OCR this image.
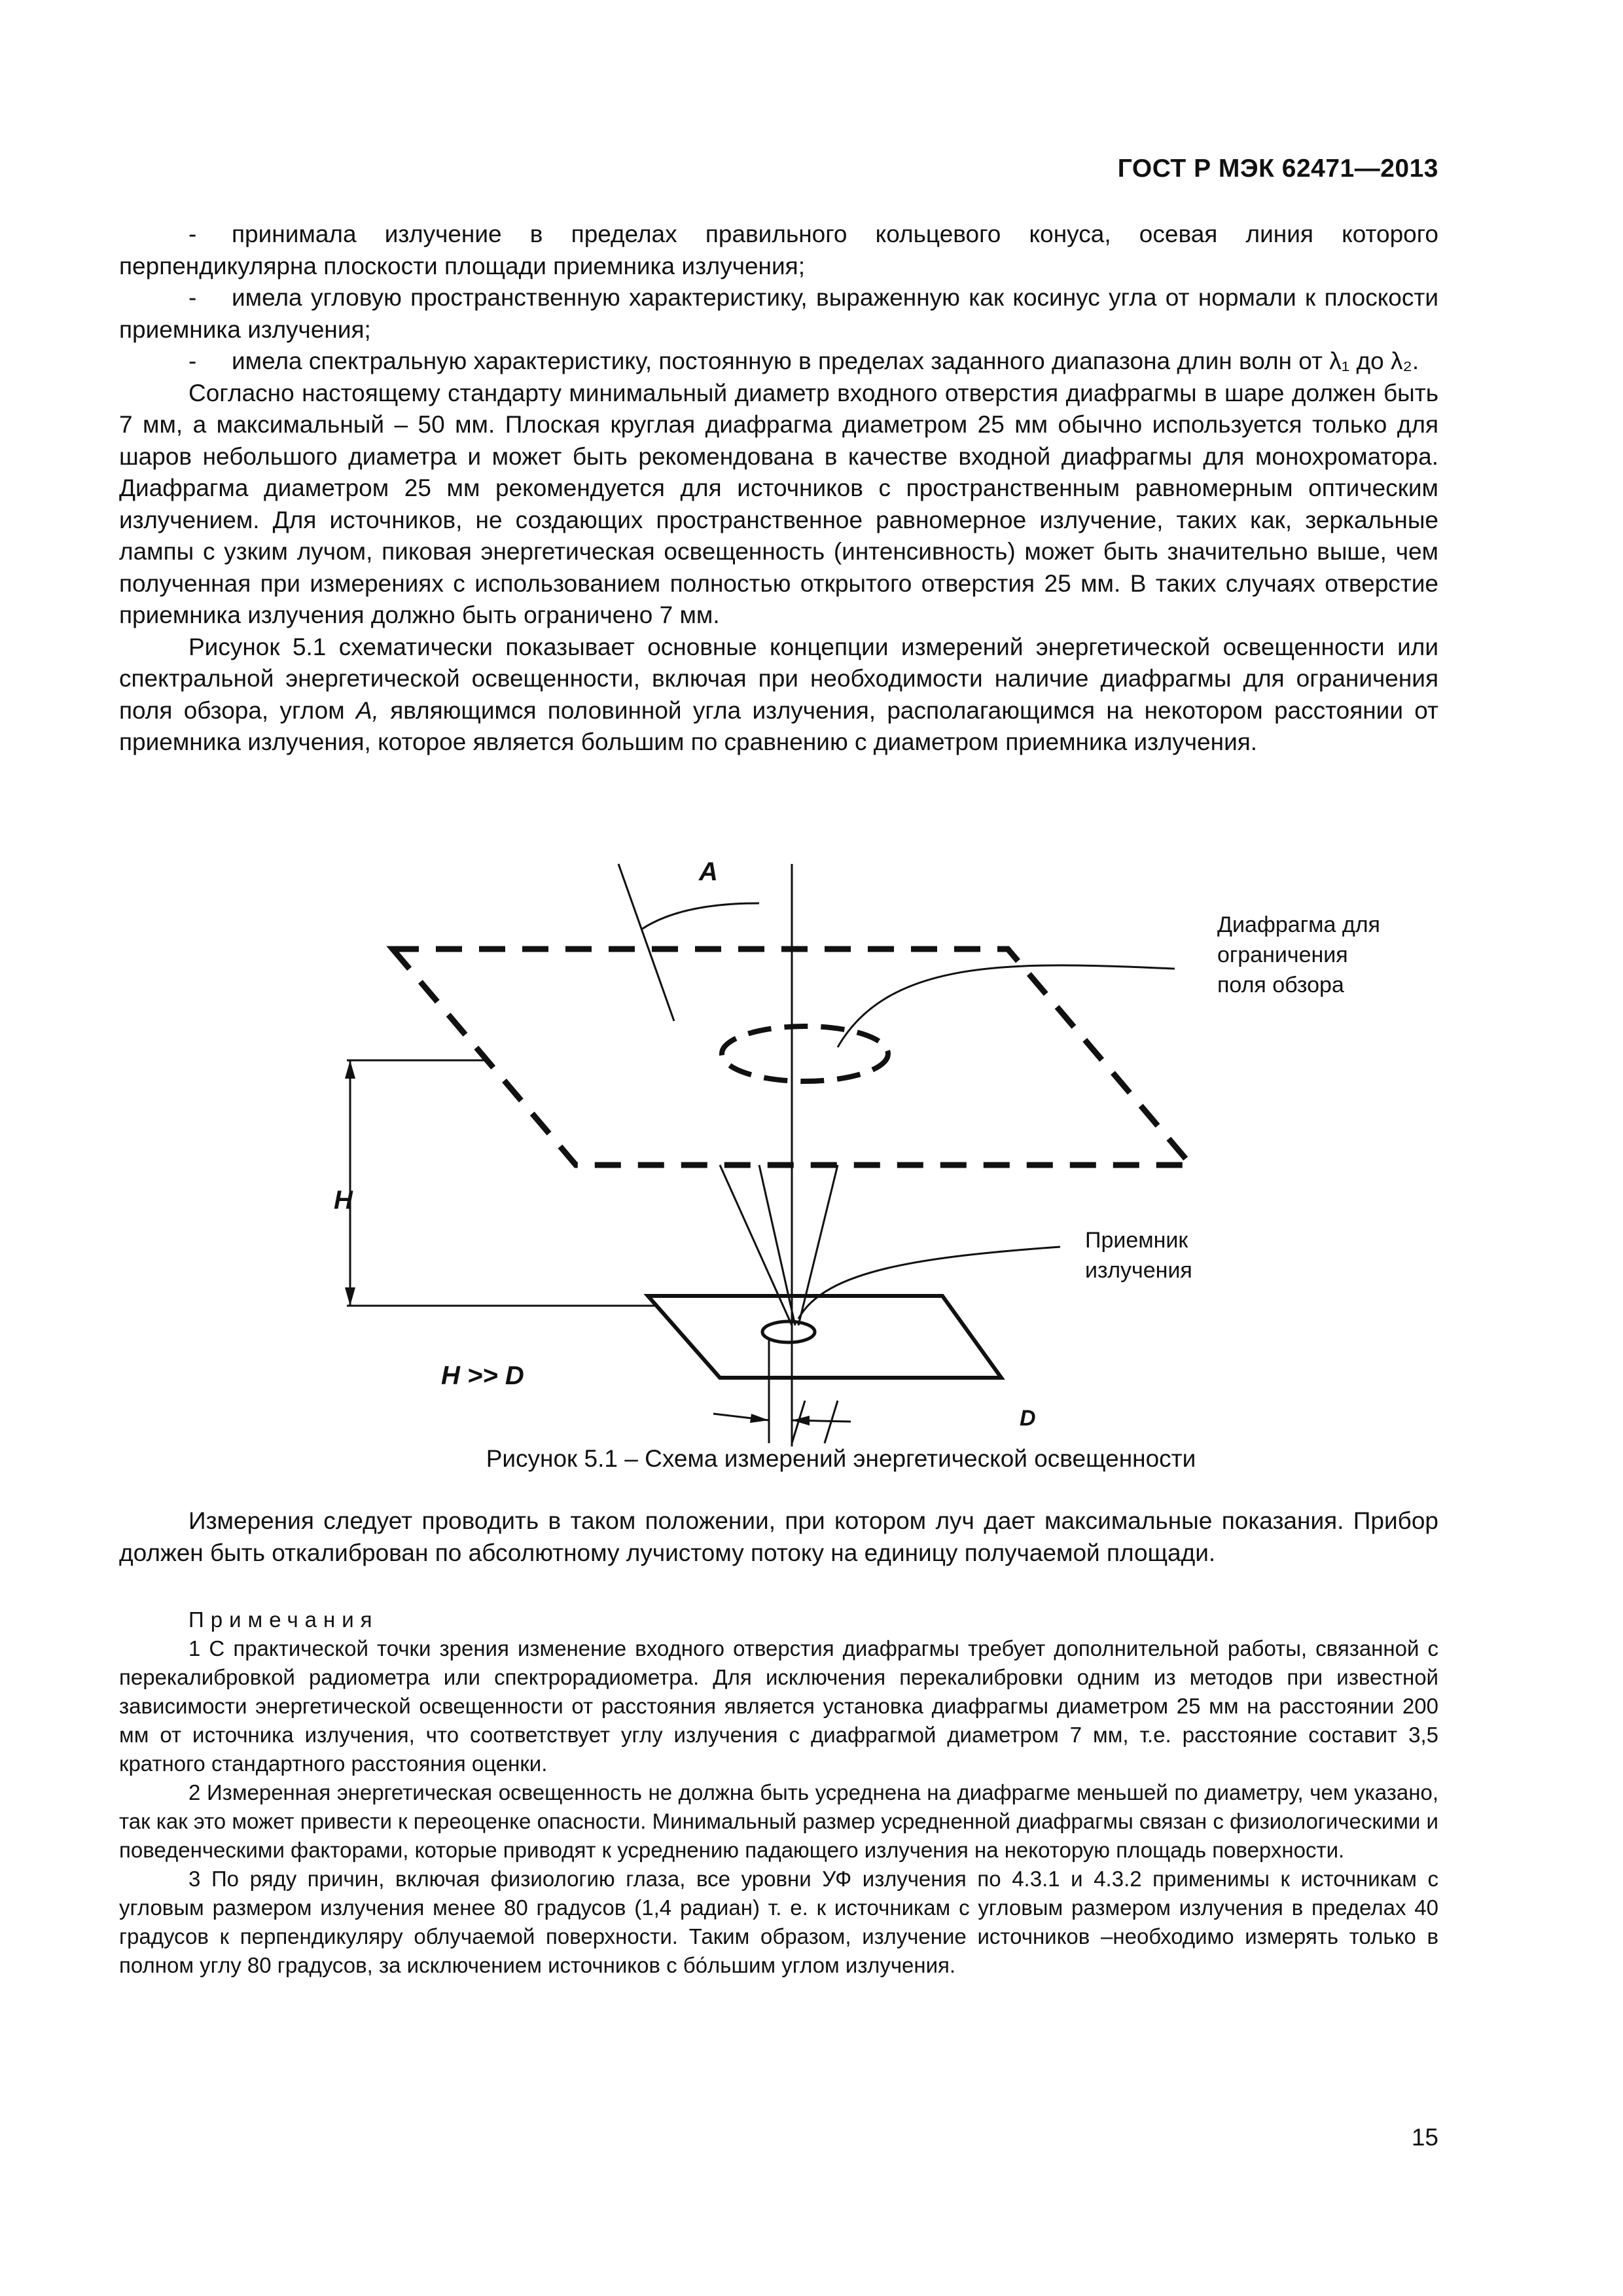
ГОСТ Р МЭК 62471—2013

- принимала излучение в пределах правильного кольцевого конуса, осевая линия которого перпендикулярна плоскости площади приемника излучения;

- имела угловую пространственную характеристику, выраженную как косинус угла от нормали к плоскости приемника излучения;

- имела спектральную характеристику, постоянную в пределах заданного диапазона длин волн от λ₁ до λ₂.

Согласно настоящему стандарту минимальный диаметр входного отверстия диафрагмы в шаре должен быть 7 мм, а максимальный – 50 мм. Плоская круглая диафрагма диаметром 25 мм обычно используется только для шаров небольшого диаметра и может быть рекомендована в качестве входной диафрагмы для монохроматора. Диафрагма диаметром 25 мм рекомендуется для источников с пространственным равномерным оптическим излучением. Для источников, не создающих пространственное равномерное излучение, таких как, зеркальные лампы с узким лучом, пиковая энергетическая освещенность (интенсивность) может быть значительно выше, чем полученная при измерениях с использованием полностью открытого отверстия 25 мм. В таких случаях отверстие приемника излучения должно быть ограничено 7 мм.

Рисунок 5.1 схематически показывает основные концепции измерений энергетической освещенности или спектральной энергетической освещенности, включая при необходимости наличие диафрагмы для ограничения поля обзора, углом A, являющимся половинной угла излучения, располагающимся на некотором расстоянии от приемника излучения, которое является большим по сравнению с диаметром приемника излучения.

A
H
H >> D
D
Диафрагма для
ограничения
поля обзора
Приемник
излучения
Рисунок 5.1 – Схема измерений энергетической освещенности

Измерения следует проводить в таком положении, при котором луч дает максимальные показания. Прибор должен быть откалиброван по абсолютному лучистому потоку на единицу получаемой площади.

Примечания

1 С практической точки зрения изменение входного отверстия диафрагмы требует дополнительной работы, связанной с перекалибровкой радиометра или спектрорадиометра. Для исключения перекалибровки одним из методов при известной зависимости энергетической освещенности от расстояния является установка диафрагмы диаметром 25 мм на расстоянии 200 мм от источника излучения, что соответствует углу излучения с диафрагмой диаметром 7 мм, т.е. расстояние составит 3,5 кратного стандартного расстояния оценки.

2 Измеренная энергетическая освещенность не должна быть усреднена на диафрагме меньшей по диаметру, чем указано, так как это может привести к переоценке опасности. Минимальный размер усредненной диафрагмы связан с физиологическими и поведенческими факторами, которые приводят к усреднению падающего излучения на некоторую площадь поверхности.

3 По ряду причин, включая физиологию глаза, все уровни УФ излучения по 4.3.1 и 4.3.2 применимы к источникам с угловым размером излучения менее 80 градусов (1,4 радиан) т. е. к источникам с угловым размером излучения в пределах 40 градусов к перпендикуляру облучаемой поверхности. Таким образом, излучение источников –необходимо измерять только в полном углу 80 градусов, за исключением источников с бо́льшим углом излучения.

15
